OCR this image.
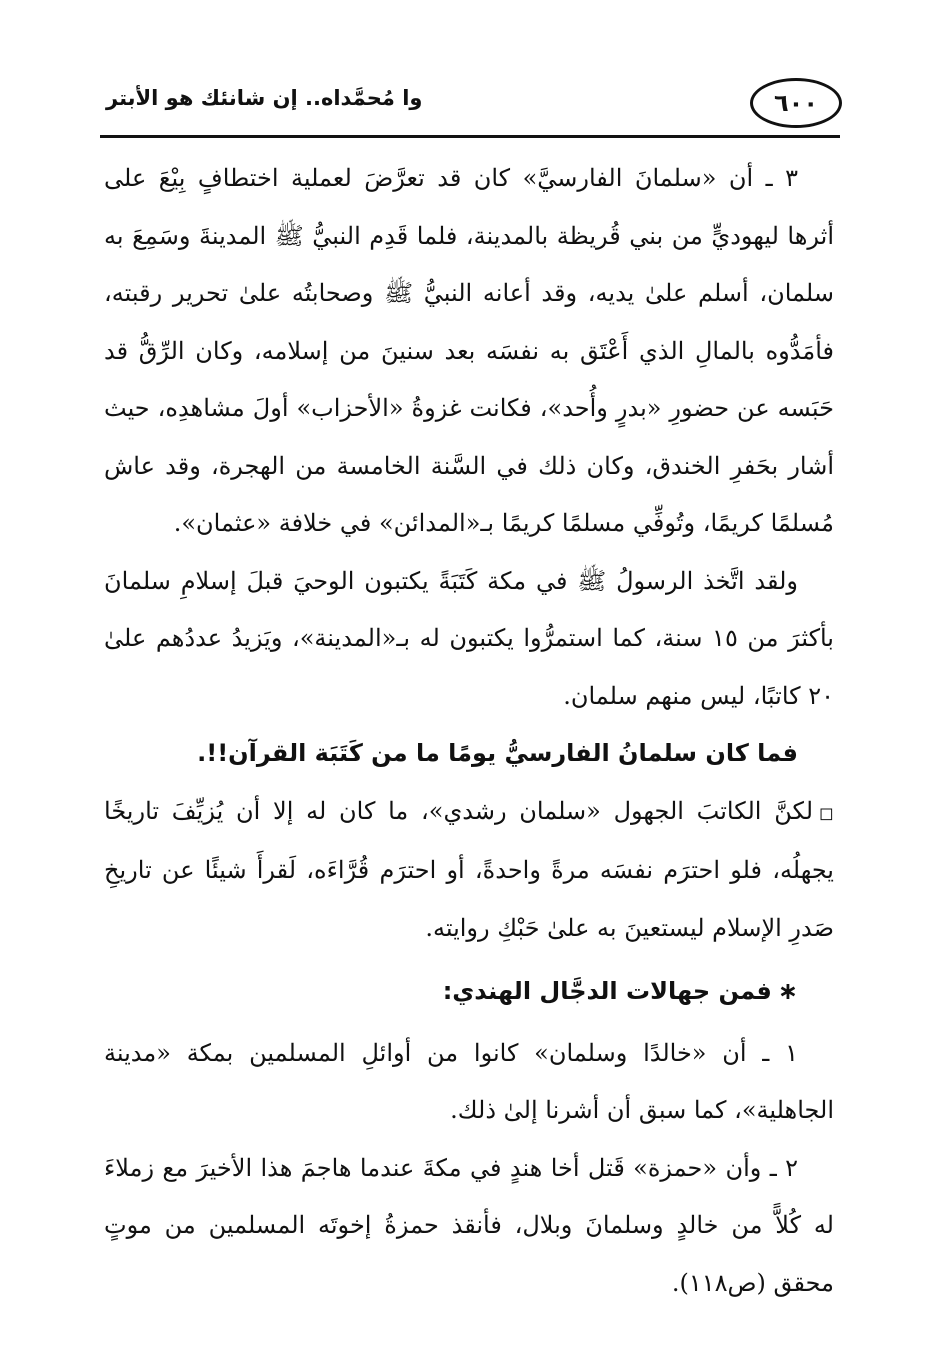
وا مُحمَّداه.. إن شانئك هو الأبتر	٦٠٠

٣ ـ أن «سلمانَ الفارسيَّ» كان قد تعرَّضَ لعملية اختطافٍ بِيْعَ على أثرها ليهوديٍّ من بني قُريظة بالمدينة، فلما قَدِم النبيُّ ﷺ المدينةَ وسَمِعَ به سلمان، أسلم علىٰ يديه، وقد أعانه النبيُّ ﷺ وصحابتُه علىٰ تحرير رقبته، فأمَدُّوه بالمالِ الذي أَعْتَق به نفسَه بعد سنينَ من إسلامه، وكان الرِّقُّ قد حَبَسه عن حضورِ «بدرٍ وأُحد»، فكانت غزوةُ «الأحزاب» أولَ مشاهدِه، حيث أشار بحَفرِ الخندق، وكان ذلك في السَّنة الخامسة من الهجرة، وقد عاش مُسلمًا كريمًا، وتُوفِّي مسلمًا كريمًا بـ«المدائن» في خلافة «عثمان».

ولقد اتَّخذ الرسولُ ﷺ في مكة كَتَبَةً يكتبون الوحيَ قبلَ إسلامِ سلمانَ بأكثرَ من ١٥ سنة، كما استمرُّوا يكتبون له بـ«المدينة»، ويَزيدُ عددُهم علىٰ ٢٠ كاتبًا، ليس منهم سلمان.

فما كان سلمانُ الفارسيُّ يومًا ما من كَتَبَة القرآن!!.

◻لكنَّ الكاتبَ الجهول «سلمان رشدي»، ما كان له إلا أن يُزيِّفَ تاريخًا يجهلُه، فلو احترَم نفسَه مرةً واحدةً، أو احترَم قُرَّاءَه، لَقرأَ شيئًا عن تاريخِ صَدرِ الإسلام ليستعينَ به علىٰ حَبْكِ روايته.

∗فمن جهالات الدجَّال الهندي:

١ ـ أن «خالدًا وسلمان» كانوا من أوائلِ المسلمين بمكة «مدينة الجاهلية»، كما سبق أن أشرنا إلىٰ ذلك.

٢ ـ وأن «حمزة» قَتل أخا هندٍ في مكةَ عندما هاجمَ هذا الأخيرَ مع زملاءَ له كُلاًّ من خالدٍ وسلمانَ وبلال، فأنقذ حمزةُ إخوتَه المسلمين من موتٍ محقق (ص١١٨).
